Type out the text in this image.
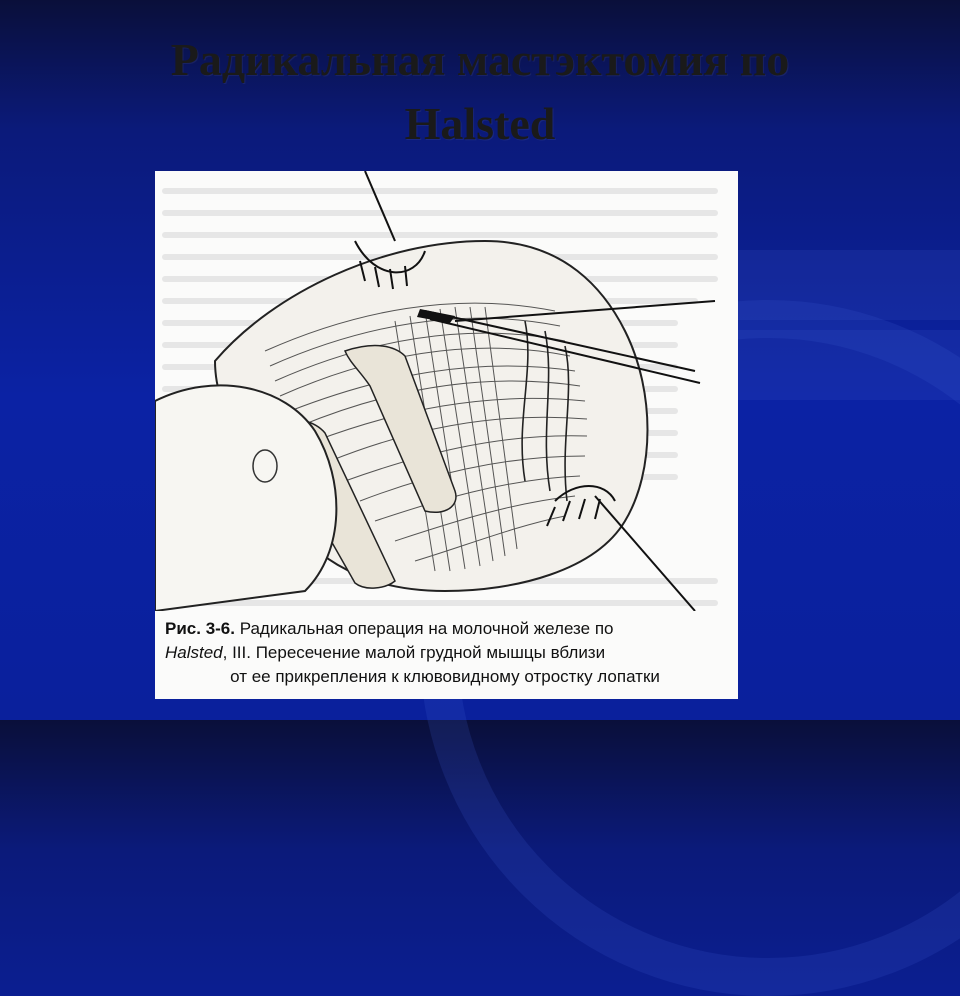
Радикальная мастэктомия по
Halsted
Рис. 3-6. Радикальная операция на молочной железе по
Halsted, III. Пересечение малой грудной мышцы вблизи
от ее прикрепления к клювовидному отростку лопатки
